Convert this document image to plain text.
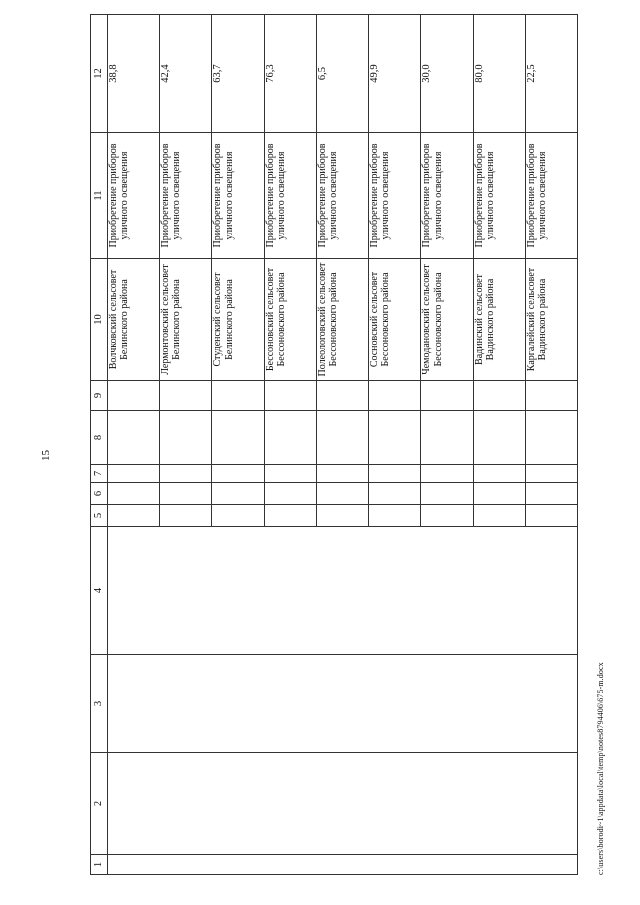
15
1	2	3	4	5	6	7	8	9	10	11	12
									Волчковский сельсовет Белинского района	Приобретение приборов уличного освещения	38,8
									Лермонтовский сельсовет Белинского района	Приобретение приборов уличного освещения	42,4
									Студенский сельсовет Белинского района	Приобретение приборов уличного освещения	63,7
									Бессоновский сельсовет Бессоновского района	Приобретение приборов уличного освещения	76,3
									Полеологовский сельсовет Бессоновского района	Приобретение приборов уличного освещения	6,5
									Сосновский сельсовет Бессоновского района	Приобретение приборов уличного освещения	49,9
									Чемодановский сельсовет Бессоновского района	Приобретение приборов уличного освещения	30,0
									Вадинский сельсовет Вадинского района	Приобретение приборов уличного освещения	80,0
									Каргалейский сельсовет Вадинского района	Приобретение приборов уличного освещения	22,5
c:\users\borodi~1\appdata\local\temp\notes8794406\675-m.docx
